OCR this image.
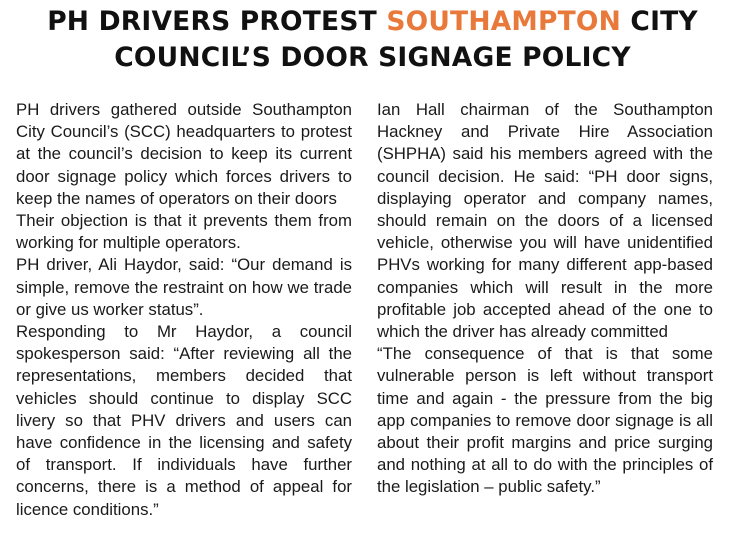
PH DRIVERS PROTEST SOUTHAMPTON CITY COUNCIL’S DOOR SIGNAGE POLICY

PH drivers gathered outside Southampton City Council’s (SCC) headquarters to protest at the council’s decision to keep its current door signage policy which forces drivers to keep the names of operators on their doors

Their objection is that it prevents them from working for multiple operators.

PH driver, Ali Haydor, said: “Our demand is simple, remove the restraint on how we trade or give us worker status”.

Responding to Mr Haydor, a council spokesperson said: “After reviewing all the representations, members decided that vehicles should continue to display SCC livery so that PHV drivers and users can have confidence in the licensing and safety of transport. If individuals have further concerns, there is a method of appeal for licence conditions.”

Ian Hall chairman of the Southampton Hackney and Private Hire Association (SHPHA) said his members agreed with the council decision. He said: “PH door signs, displaying operator and company names, should remain on the doors of a licensed vehicle, otherwise you will have unidentified PHVs working for many different app-based companies which will result in the more profitable job accepted ahead of the one to which the driver has already committed

“The consequence of that is that some vulnerable person is left without transport time and again - the pressure from the big app companies to remove door signage is all about their profit margins and price surging and nothing at all to do with the principles of the legislation – public safety.”
